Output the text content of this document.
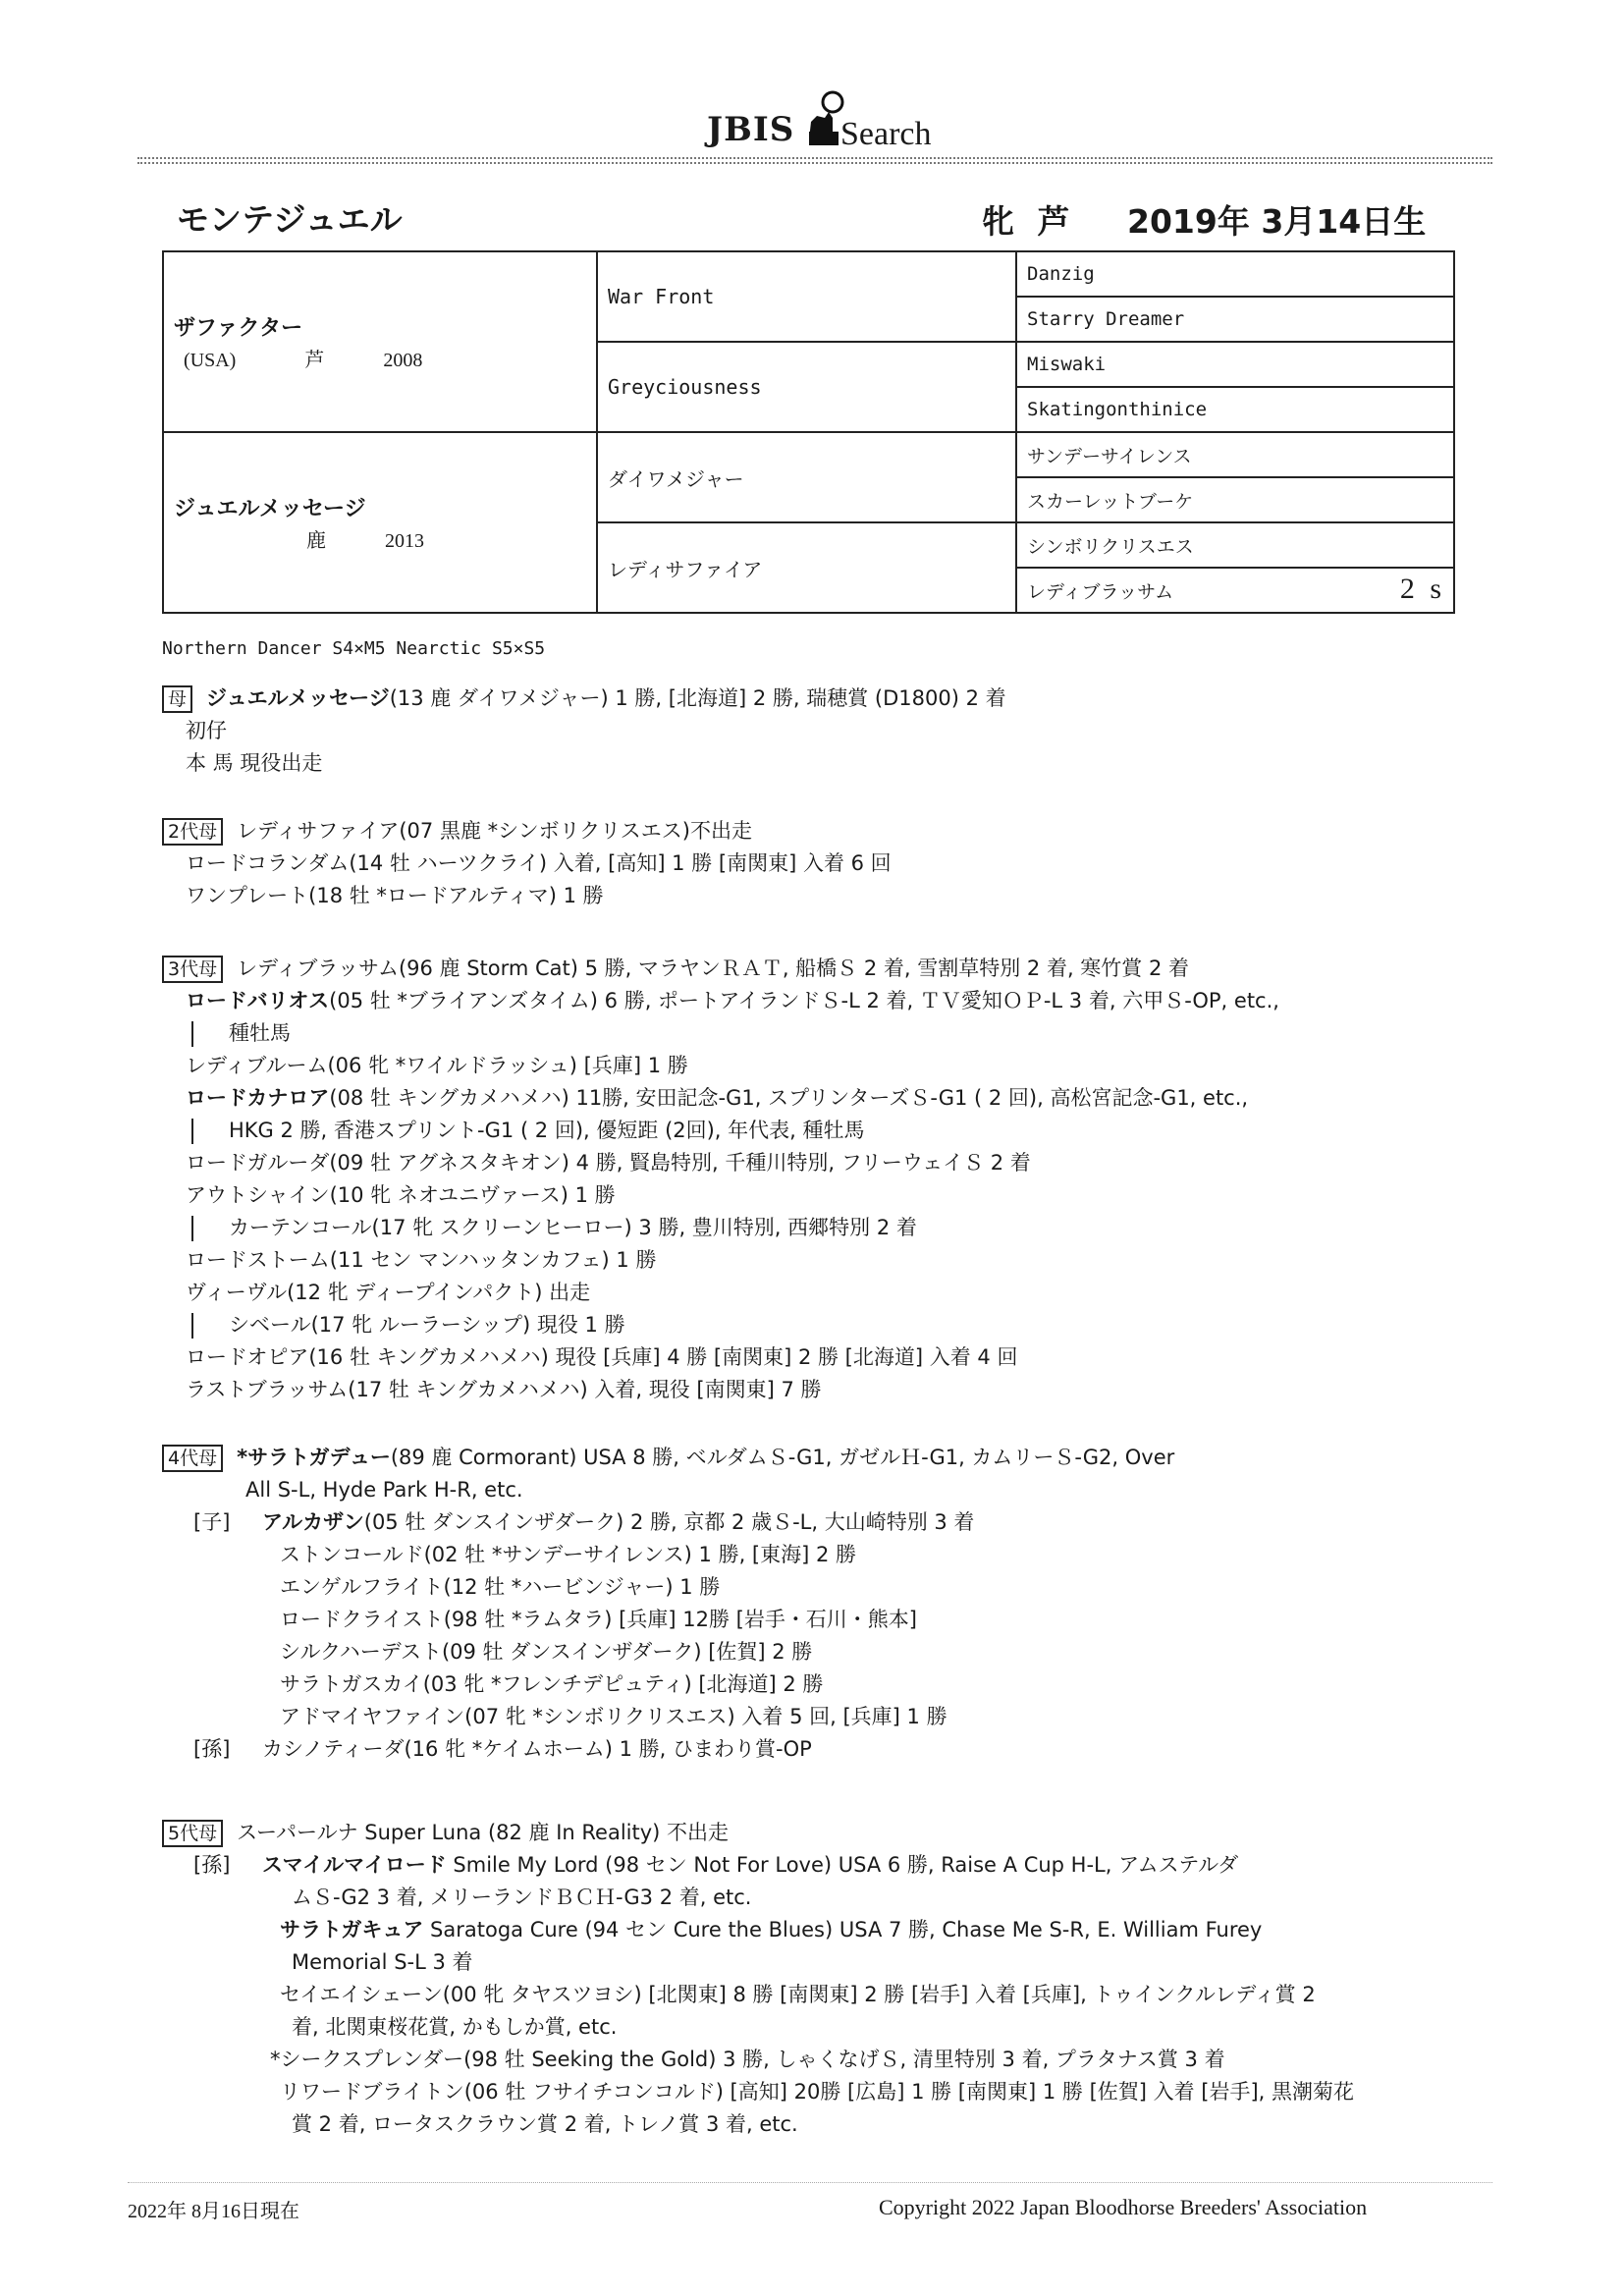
JBIS Search
モンテジュエル	牝 芦 2019年 3月14日生
ザファクター
(USA) 芦 2008	War Front	Danzig
		Starry Dreamer
	Greyciousness	Miswaki
		Skatingonthinice

ジュエルメッセージ
鹿 2013	ダイワメジャー	サンデーサイレンス
		スカーレットブーケ
	レディサファイア	シンボリクリスエス
		レディブラッサム 2 s
Northern Dancer S4×M5 Nearctic S5×S5
母 ジュエルメッセージ(13 鹿 ダイワメジャー) 1 勝, [北海道] 2 勝, 瑞穂賞 (D1800) 2 着
初仔
本 馬 現役出走
2代母 レディサファイア(07 黒鹿 *シンボリクリスエス)不出走
ロードコランダム(14 牡 ハーツクライ) 入着, [高知] 1 勝 [南関東] 入着 6 回
ワンプレート(18 牡 *ロードアルティマ) 1 勝
3代母 レディブラッサム(96 鹿 Storm Cat) 5 勝, マラヤンＲＡＴ, 船橋Ｓ 2 着, 雪割草特別 2 着, 寒竹賞 2 着
ロードバリオス(05 牡 *ブライアンズタイム) 6 勝, ポートアイランドＳ-L 2 着, ＴＶ愛知ＯＰ-L 3 着, 六甲Ｓ-OP, etc.,
種牡馬
レディブルーム(06 牝 *ワイルドラッシュ) [兵庫] 1 勝
ロードカナロア(08 牡 キングカメハメハ) 11勝, 安田記念-G1, スプリンターズＳ-G1 ( 2 回), 高松宮記念-G1, etc.,
HKG 2 勝, 香港スプリント-G1 ( 2 回), 優短距 (2回), 年代表, 種牡馬
ロードガルーダ(09 牡 アグネスタキオン) 4 勝, 賢島特別, 千種川特別, フリーウェイＳ 2 着
アウトシャイン(10 牝 ネオユニヴァース) 1 勝
カーテンコール(17 牝 スクリーンヒーロー) 3 勝, 豊川特別, 西郷特別 2 着
ロードストーム(11 セン マンハッタンカフェ) 1 勝
ヴィーヴル(12 牝 ディープインパクト) 出走
シベール(17 牝 ルーラーシップ) 現役 1 勝
ロードオピア(16 牡 キングカメハメハ) 現役 [兵庫] 4 勝 [南関東] 2 勝 [北海道] 入着 4 回
ラストブラッサム(17 牡 キングカメハメハ) 入着, 現役 [南関東] 7 勝
4代母 *サラトガデュー(89 鹿 Cormorant) USA 8 勝, ベルダムＳ-G1, ガゼルＨ-G1, カムリーＳ-G2, Over
All S-L, Hyde Park H-R, etc.
[子] アルカザン(05 牡 ダンスインザダーク) 2 勝, 京都 2 歳Ｓ-L, 大山崎特別 3 着
ストンコールド(02 牡 *サンデーサイレンス) 1 勝, [東海] 2 勝
エンゲルフライト(12 牡 *ハービンジャー) 1 勝
ロードクライスト(98 牡 *ラムタラ) [兵庫] 12勝 [岩手・石川・熊本]
シルクハーデスト(09 牡 ダンスインザダーク) [佐賀] 2 勝
サラトガスカイ(03 牝 *フレンチデピュティ) [北海道] 2 勝
アドマイヤファイン(07 牝 *シンボリクリスエス) 入着 5 回, [兵庫] 1 勝
[孫] カシノティーダ(16 牝 *ケイムホーム) 1 勝, ひまわり賞-OP
5代母 スーパールナ Super Luna (82 鹿 In Reality) 不出走
[孫] スマイルマイロード Smile My Lord (98 セン Not For Love) USA 6 勝, Raise A Cup H-L, アムステルダ
ムＳ-G2 3 着, メリーランドＢＣＨ-G3 2 着, etc.
サラトガキュア Saratoga Cure (94 セン Cure the Blues) USA 7 勝, Chase Me S-R, E. William Furey
Memorial S-L 3 着
セイエイシェーン(00 牝 タヤスツヨシ) [北関東] 8 勝 [南関東] 2 勝 [岩手] 入着 [兵庫], トゥインクルレディ賞 2
着, 北関東桜花賞, かもしか賞, etc.
*シークスプレンダー(98 牡 Seeking the Gold) 3 勝, しゃくなげＳ, 清里特別 3 着, プラタナス賞 3 着
リワードブライトン(06 牡 フサイチコンコルド) [高知] 20勝 [広島] 1 勝 [南関東] 1 勝 [佐賀] 入着 [岩手], 黒潮菊花
賞 2 着, ロータスクラウン賞 2 着, トレノ賞 3 着, etc.
2022年 8月16日現在	Copyright 2022 Japan Bloodhorse Breeders' Association
